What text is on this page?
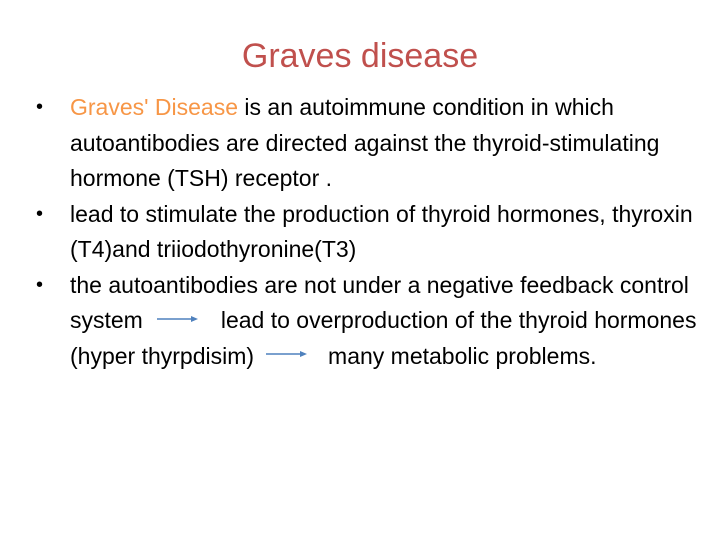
Graves disease
• Graves' Disease is an autoimmune condition in which autoantibodies are directed against the thyroid-stimulating hormone (TSH) receptor .
• lead to stimulate the production of thyroid hormones, thyroxin (T4)and triiodothyronine(T3)
• the autoantibodies are not under a negative feedback control system	lead to overproduction of the thyroid hormones (hyper thyrpdisim)	many metabolic problems.
